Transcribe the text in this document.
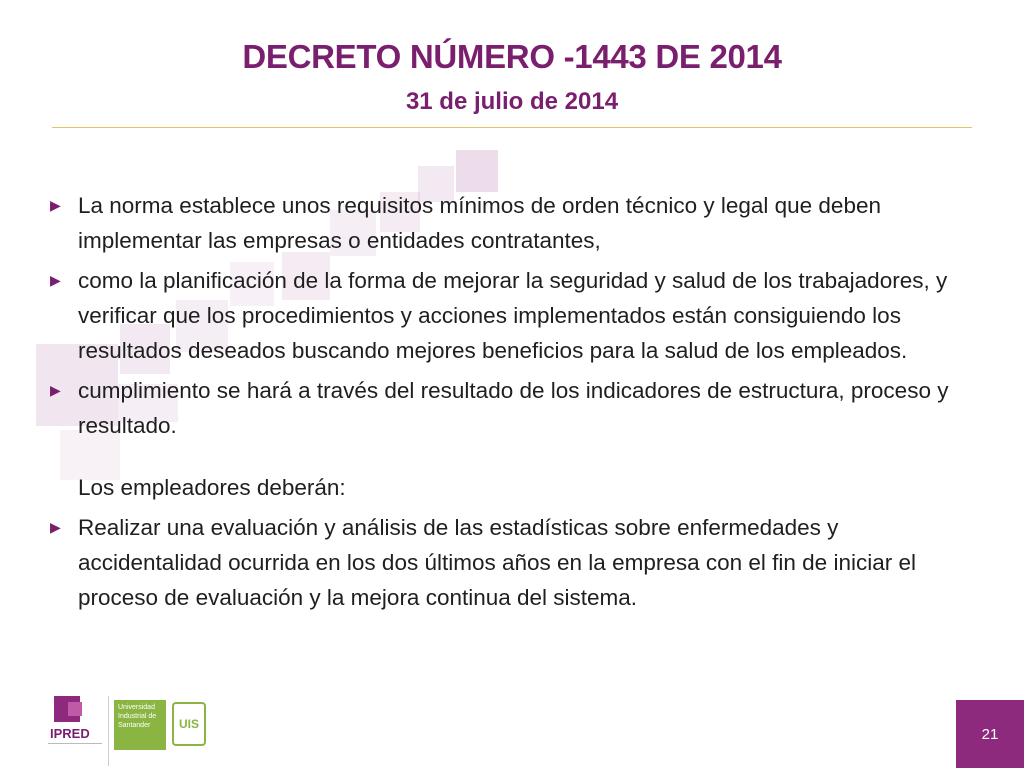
DECRETO NÚMERO -1443 DE 2014
31 de julio de 2014
▶ La norma establece unos requisitos mínimos de orden técnico y legal que deben implementar las empresas o entidades contratantes,
▶ como la planificación de la forma de mejorar la seguridad y salud de los trabajadores, y verificar que los procedimientos y acciones implementados están consiguiendo los resultados deseados buscando mejores beneficios para la salud de los empleados.
▶ cumplimiento se hará a través del resultado de los indicadores de estructura, proceso y resultado.
Los empleadores deberán:
▶ Realizar una evaluación y análisis de las estadísticas sobre enfermedades y accidentalidad ocurrida en los dos últimos años en la empresa con el fin de iniciar el proceso de evaluación y la mejora continua del sistema.
IPRED
Universidad Industrial de Santander	UIS
21
